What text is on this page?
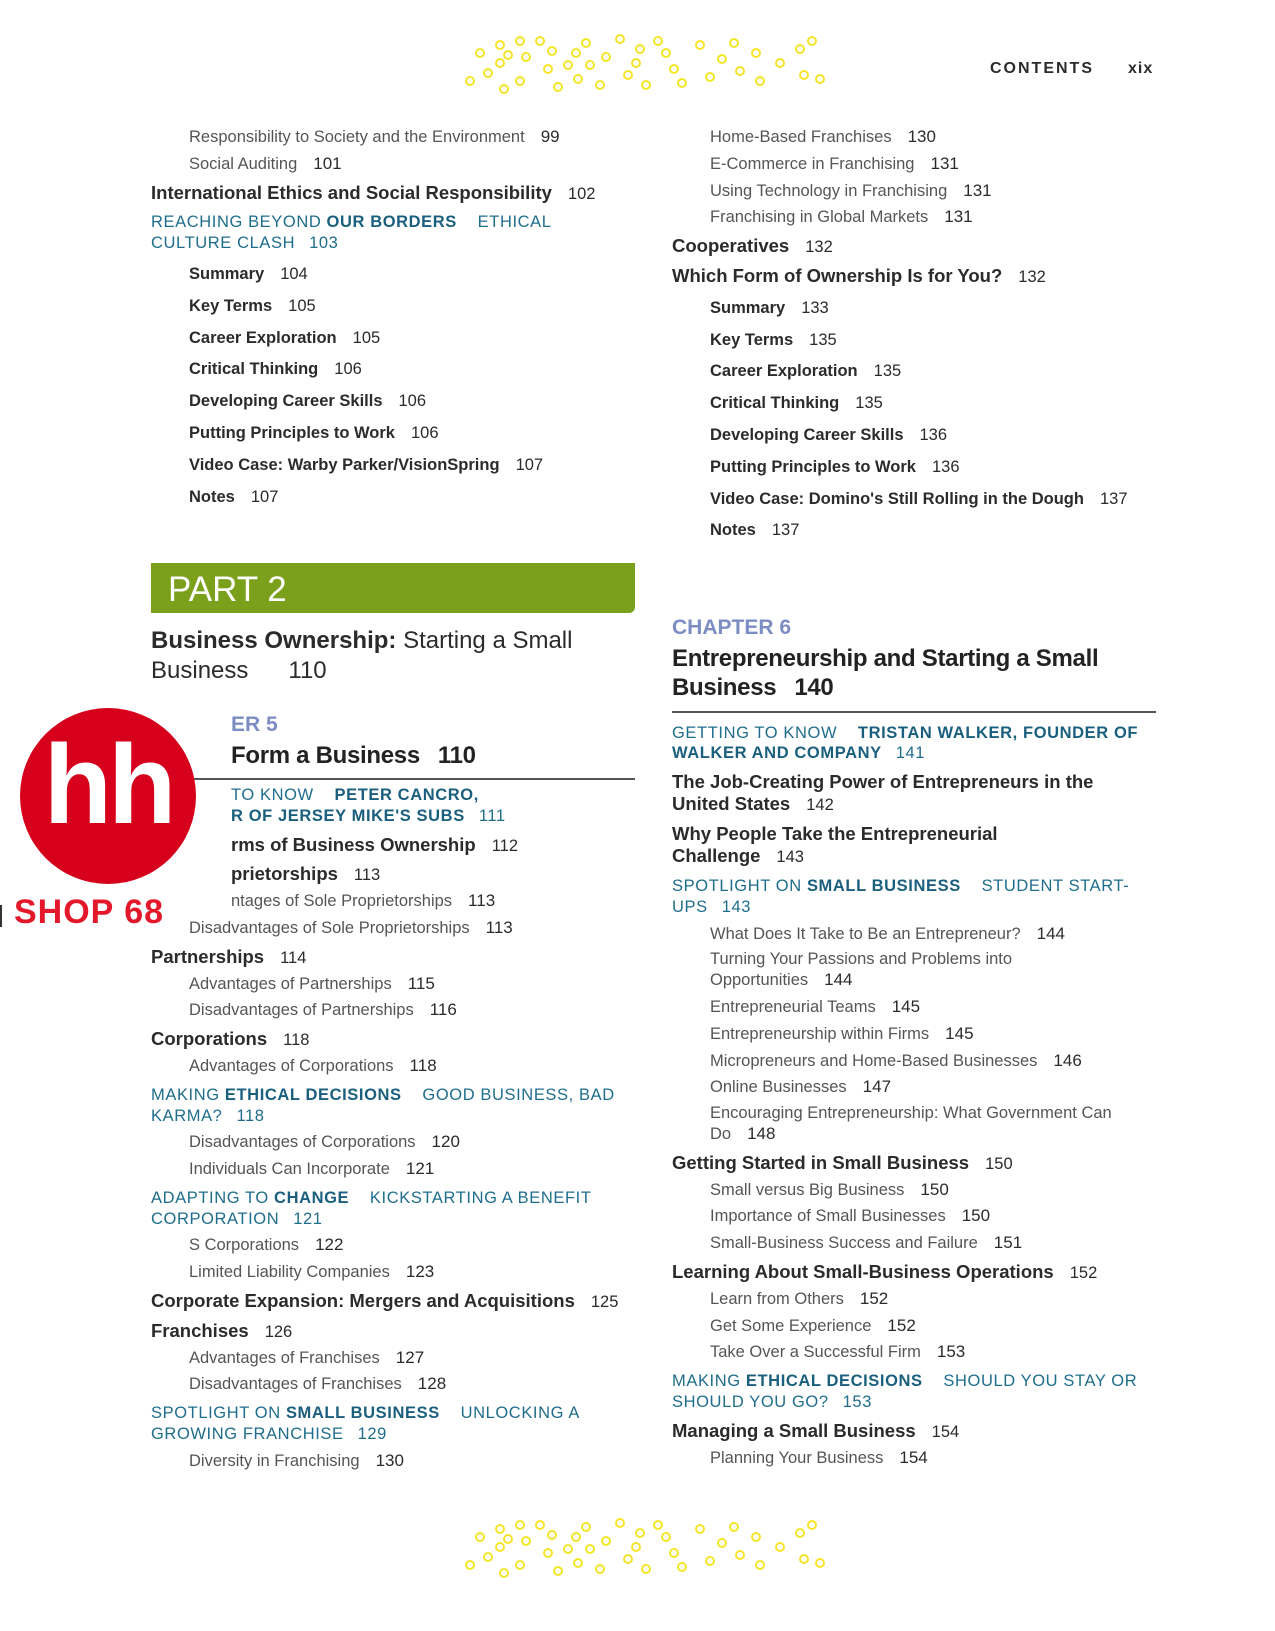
CONTENTS xix
Responsibility to Society and the Environment 99
Social Auditing 101
International Ethics and Social Responsibility 102
REACHING BEYOND OUR BORDERS ETHICAL CULTURE CLASH 103
Summary 104
Key Terms 105
Career Exploration 105
Critical Thinking 106
Developing Career Skills 106
Putting Principles to Work 106
Video Case: Warby Parker/VisionSpring 107
Notes 107
PART 2
Business Ownership: Starting a Small Business 110
ER 5
Form a Business 110
TO KNOW PETER CANCRO,
R OF JERSEY MIKE'S SUBS 111
rms of Business Ownership 112
prietorships 113
ntages of Sole Proprietorships 113
Disadvantages of Sole Proprietorships 113
Partnerships 114
Advantages of Partnerships 115
Disadvantages of Partnerships 116
Corporations 118
Advantages of Corporations 118
MAKING ETHICAL DECISIONS GOOD BUSINESS, BAD KARMA? 118
Disadvantages of Corporations 120
Individuals Can Incorporate 121
ADAPTING TO CHANGE KICKSTARTING A BENEFIT CORPORATION 121
S Corporations 122
Limited Liability Companies 123
Corporate Expansion: Mergers and Acquisitions 125
Franchises 126
Advantages of Franchises 127
Disadvantages of Franchises 128
SPOTLIGHT ON SMALL BUSINESS UNLOCKING A GROWING FRANCHISE 129
Diversity in Franchising 130
Home-Based Franchises 130
E-Commerce in Franchising 131
Using Technology in Franchising 131
Franchising in Global Markets 131
Cooperatives 132
Which Form of Ownership Is for You? 132
Summary 133
Key Terms 135
Career Exploration 135
Critical Thinking 135
Developing Career Skills 136
Putting Principles to Work 136
Video Case: Domino's Still Rolling in the Dough 137
Notes 137
CHAPTER 6
Entrepreneurship and Starting a Small Business 140
GETTING TO KNOW TRISTAN WALKER, FOUNDER OF WALKER AND COMPANY 141
The Job-Creating Power of Entrepreneurs in the United States 142
Why People Take the Entrepreneurial Challenge 143
SPOTLIGHT ON SMALL BUSINESS STUDENT START-UPS 143
What Does It Take to Be an Entrepreneur? 144
Turning Your Passions and Problems into Opportunities 144
Entrepreneurial Teams 145
Entrepreneurship within Firms 145
Micropreneurs and Home-Based Businesses 146
Online Businesses 147
Encouraging Entrepreneurship: What Government Can Do 148
Getting Started in Small Business 150
Small versus Big Business 150
Importance of Small Businesses 150
Small-Business Success and Failure 151
Learning About Small-Business Operations 152
Learn from Others 152
Get Some Experience 152
Take Over a Successful Firm 153
MAKING ETHICAL DECISIONS SHOULD YOU STAY OR SHOULD YOU GO? 153
Managing a Small Business 154
Planning Your Business 154
hh
SHOP 68
